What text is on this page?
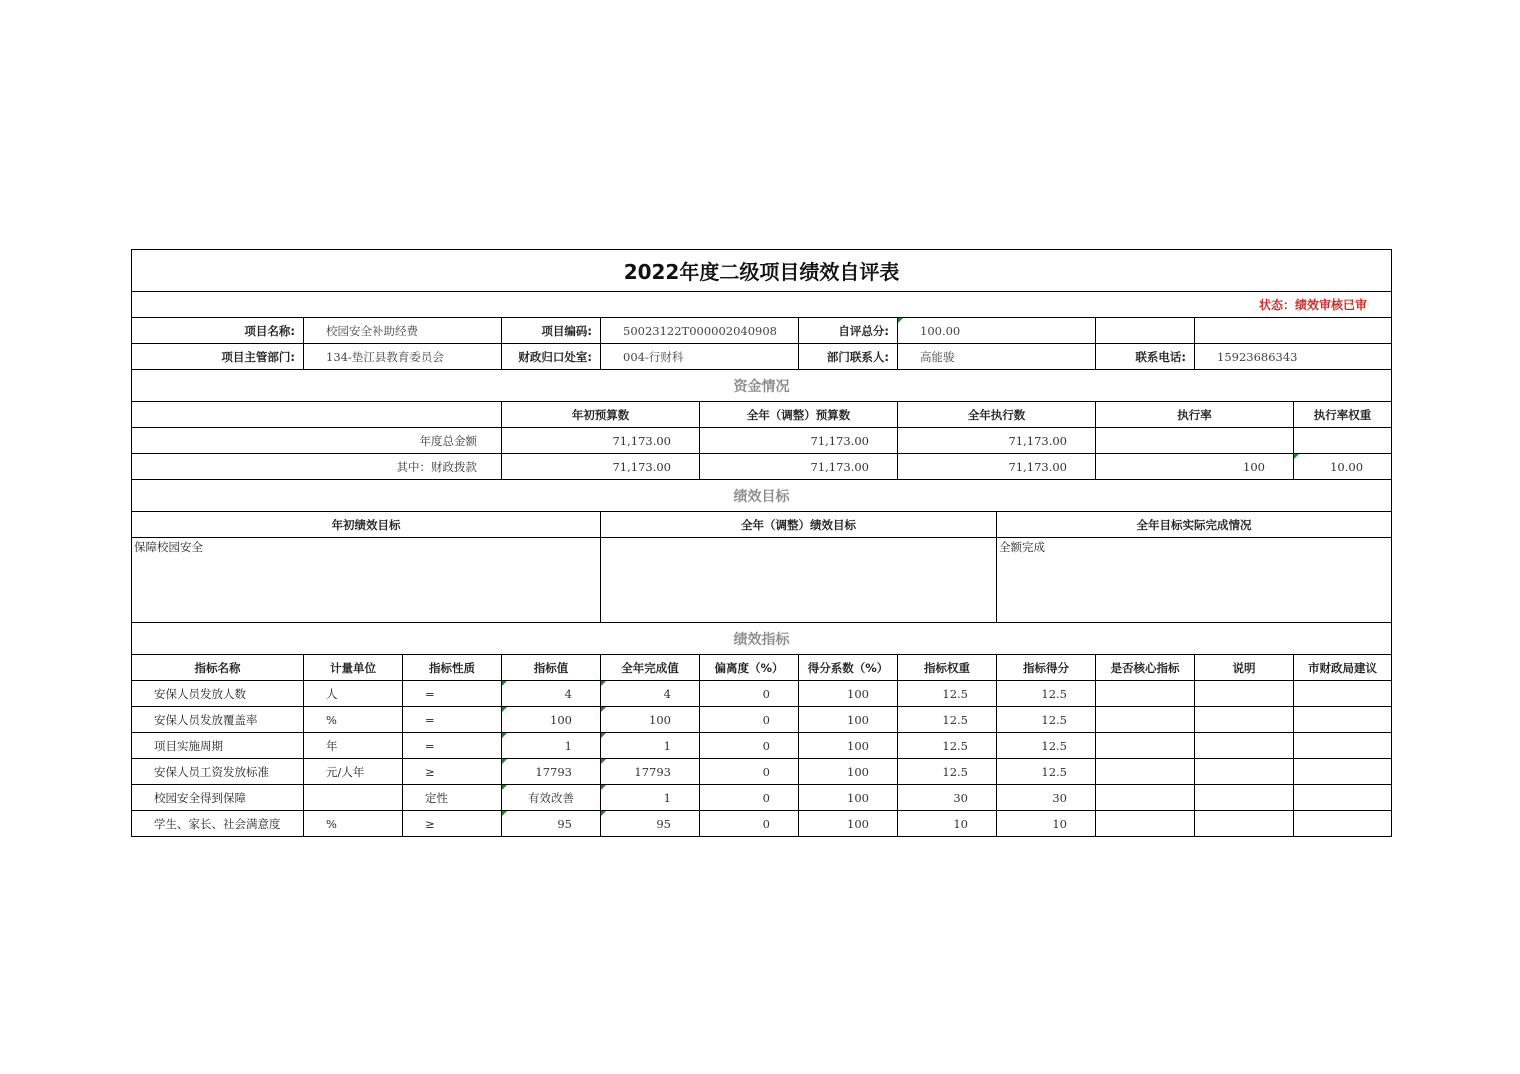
2022年度二级项目绩效自评表												
状态：绩效审核已审												
项目名称:	校园安全补助经费		项目编码:	50023122T000002040908		自评总分:	100.00					
项目主管部门:	134-垫江县教育委员会		财政归口处室:	004-行财科		部门联系人:	高能骏		联系电话:	15923686343		
资金情况												
			年初预算数		全年（调整）预算数		全年执行数		执行率		执行率权重	
年度总金额			71,173.00		71,173.00		71,173.00					
其中：财政拨款			71,173.00		71,173.00		71,173.00		100		10.00	
绩效目标												
年初绩效目标				全年（调整）绩效目标				全年目标实际完成情况				
保障校园安全								全额完成				
绩效指标												
指标名称	计量单位	指标性质	指标值	全年完成值	偏离度（%）	得分系数（%）	指标权重	指标得分	是否核心指标	说明	市财政局建议	
安保人员发放人数	人	=	4	4	0	100	12.5	12.5				
安保人员发放覆盖率	%	=	100	100	0	100	12.5	12.5				
项目实施周期	年	=	1	1	0	100	12.5	12.5				
安保人员工资发放标准	元/人年	≥	17793	17793	0	100	12.5	12.5				
校园安全得到保障		定性	有效改善	1	0	100	30	30				
学生、家长、社会满意度	%	≥	95	95	0	100	10	10				
